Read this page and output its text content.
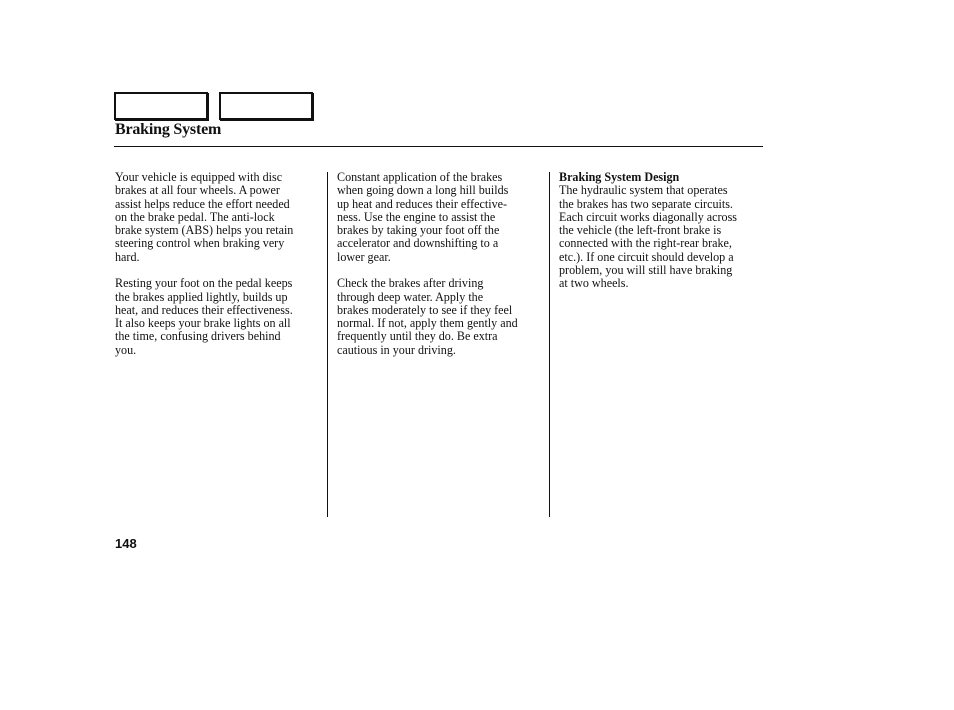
Braking System
Your vehicle is equipped with disc
brakes at all four wheels. A power
assist helps reduce the effort needed
on the brake pedal. The anti-lock
brake system (ABS) helps you retain
steering control when braking very
hard.
Resting your foot on the pedal keeps
the brakes applied lightly, builds up
heat, and reduces their effectiveness.
It also keeps your brake lights on all
the time, confusing drivers behind
you.
Constant application of the brakes
when going down a long hill builds
up heat and reduces their effective-
ness. Use the engine to assist the
brakes by taking your foot off the
accelerator and downshifting to a
lower gear.
Check the brakes after driving
through deep water. Apply the
brakes moderately to see if they feel
normal. If not, apply them gently and
frequently until they do. Be extra
cautious in your driving.
Braking System Design
The hydraulic system that operates
the brakes has two separate circuits.
Each circuit works diagonally across
the vehicle (the left-front brake is
connected with the right-rear brake,
etc.). If one circuit should develop a
problem, you will still have braking
at two wheels.
148
